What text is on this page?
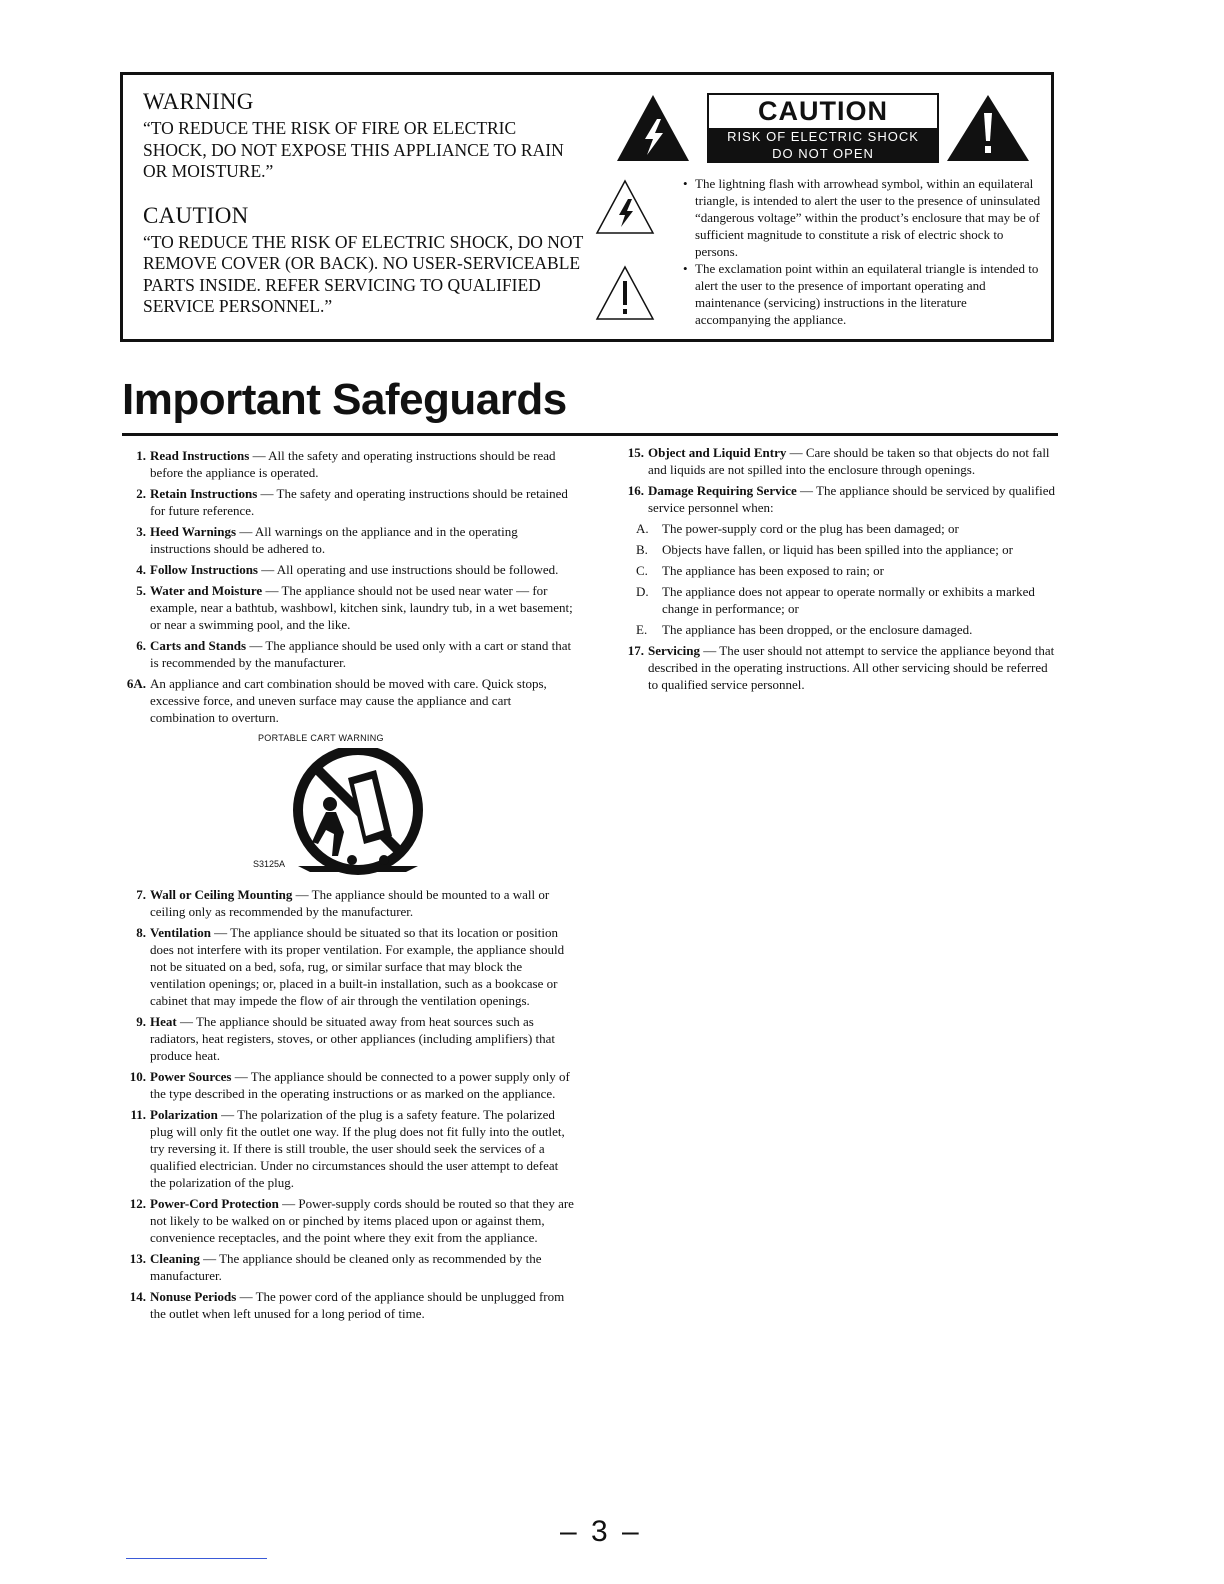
WARNING

“TO REDUCE THE RISK OF FIRE OR ELECTRIC SHOCK, DO NOT EXPOSE THIS APPLIANCE TO RAIN OR MOISTURE.”

CAUTION

“TO REDUCE THE RISK OF ELECTRIC SHOCK, DO NOT REMOVE COVER (OR BACK). NO USER-SERVICEABLE PARTS INSIDE. REFER SERVICING TO QUALIFIED SERVICE PERSONNEL.”

CAUTION
RISK OF ELECTRIC SHOCK
DO NOT OPEN
• The lightning flash with arrowhead symbol, within an equilateral triangle, is intended to alert the user to the presence of uninsulated “dangerous voltage” within the product’s enclosure that may be of sufficient magnitude to constitute a risk of electric shock to persons.
• The exclamation point within an equilateral triangle is intended to alert the user to the presence of important operating and maintenance (servicing) instructions in the literature accompanying the appliance.
Important Safeguards
1. Read Instructions — All the safety and operating instructions should be read before the appliance is operated.
2. Retain Instructions — The safety and operating instructions should be retained for future reference.
3. Heed Warnings — All warnings on the appliance and in the operating instructions should be adhered to.
4. Follow Instructions — All operating and use instructions should be followed.
5. Water and Moisture — The appliance should not be used near water — for example, near a bathtub, washbowl, kitchen sink, laundry tub, in a wet basement; or near a swimming pool, and the like.
6. Carts and Stands — The appliance should be used only with a cart or stand that is recommended by the manufacturer.
6A. An appliance and cart combination should be moved with care. Quick stops, excessive force, and uneven surface may cause the appliance and cart combination to overturn.
PORTABLE CART WARNING
S3125A
7. Wall or Ceiling Mounting — The appliance should be mounted to a wall or ceiling only as recommended by the manufacturer.
8. Ventilation — The appliance should be situated so that its location or position does not interfere with its proper ventilation. For example, the appliance should not be situated on a bed, sofa, rug, or similar surface that may block the ventilation openings; or, placed in a built-in installation, such as a bookcase or cabinet that may impede the flow of air through the ventilation openings.
9. Heat — The appliance should be situated away from heat sources such as radiators, heat registers, stoves, or other appliances (including amplifiers) that produce heat.
10. Power Sources — The appliance should be connected to a power supply only of the type described in the operating instructions or as marked on the appliance.
11. Polarization — The polarization of the plug is a safety feature. The polarized plug will only fit the outlet one way. If the plug does not fit fully into the outlet, try reversing it. If there is still trouble, the user should seek the services of a qualified electrician. Under no circumstances should the user attempt to defeat the polarization of the plug.
12. Power-Cord Protection — Power-supply cords should be routed so that they are not likely to be walked on or pinched by items placed upon or against them, convenience receptacles, and the point where they exit from the appliance.
13. Cleaning — The appliance should be cleaned only as recommended by the manufacturer.
14. Nonuse Periods — The power cord of the appliance should be unplugged from the outlet when left unused for a long period of time.
15. Object and Liquid Entry — Care should be taken so that objects do not fall and liquids are not spilled into the enclosure through openings.
16. Damage Requiring Service — The appliance should be serviced by qualified service personnel when:
A. The power-supply cord or the plug has been damaged; or
B. Objects have fallen, or liquid has been spilled into the appliance; or
C. The appliance has been exposed to rain; or
D. The appliance does not appear to operate normally or exhibits a marked change in performance; or
E. The appliance has been dropped, or the enclosure damaged.
17. Servicing — The user should not attempt to service the appliance beyond that described in the operating instructions. All other servicing should be referred to qualified service personnel.
– 3 –
